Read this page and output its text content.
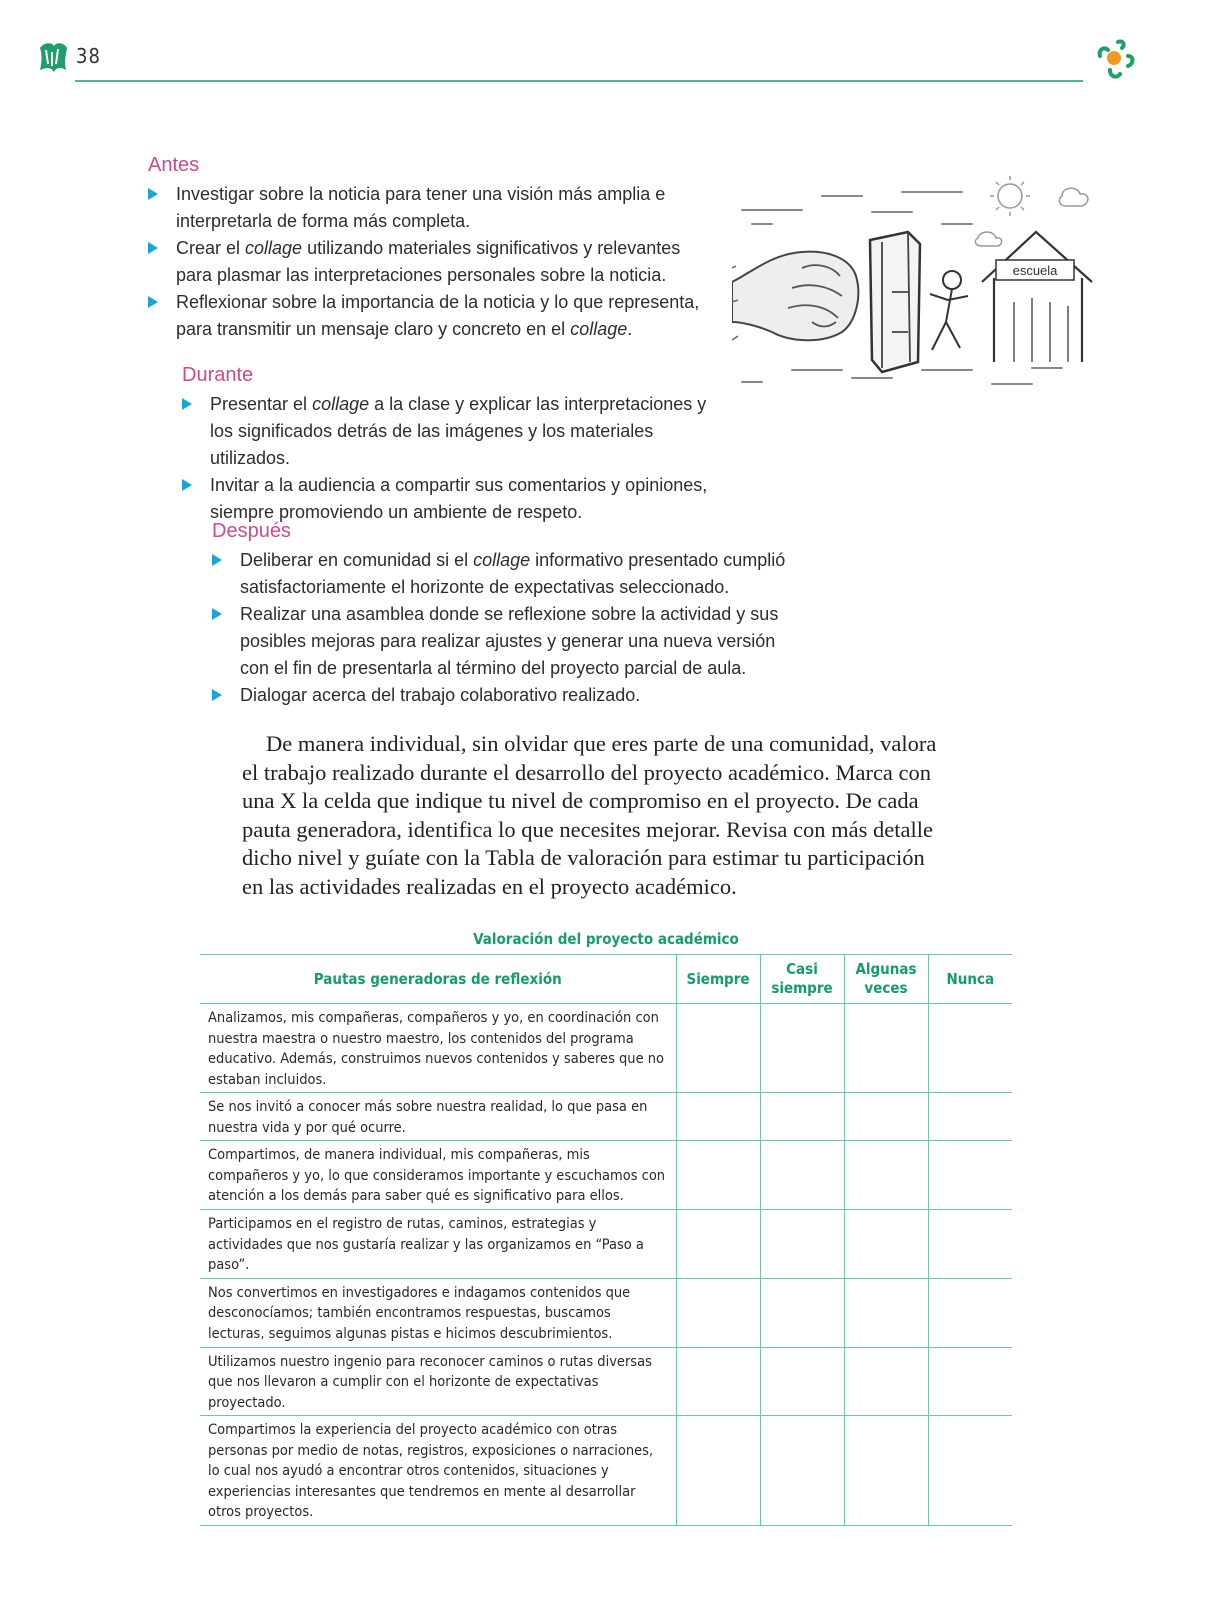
38
Antes
Investigar sobre la noticia para tener una visión más amplia e interpretarla de forma más completa.
Crear el collage utilizando materiales significativos y relevantes para plasmar las interpretaciones personales sobre la noticia.
Reflexionar sobre la importancia de la noticia y lo que representa, para transmitir un mensaje claro y concreto en el collage.
escuela
Durante
Presentar el collage a la clase y explicar las interpretaciones y los significados detrás de las imágenes y los materiales utilizados.
Invitar a la audiencia a compartir sus comentarios y opiniones, siempre promoviendo un ambiente de respeto.
Después
Deliberar en comunidad si el collage informativo presentado cumplió satisfactoriamente el horizonte de expectativas seleccionado.
Realizar una asamblea donde se reflexione sobre la actividad y sus posibles mejoras para realizar ajustes y generar una nueva versión con el fin de presentarla al término del proyecto parcial de aula.
Dialogar acerca del trabajo colaborativo realizado.
De manera individual, sin olvidar que eres parte de una comunidad, valora el trabajo realizado durante el desarrollo del proyecto académico. Marca con una X la celda que indique tu nivel de compromiso en el proyecto. De cada pauta generadora, identifica lo que necesites mejorar. Revisa con más detalle dicho nivel y guíate con la Tabla de valoración para estimar tu participación en las actividades realizadas en el proyecto académico.
Valoración del proyecto académico
Pautas generadoras de reflexión	Siempre	Casi siempre	Algunas veces	Nunca
Analizamos, mis compañeras, compañeros y yo, en coordinación con nuestra maestra o nuestro maestro, los contenidos del programa educativo. Además, construimos nuevos contenidos y saberes que no estaban incluidos.				
Se nos invitó a conocer más sobre nuestra realidad, lo que pasa en nuestra vida y por qué ocurre.				
Compartimos, de manera individual, mis compañeras, mis compañeros y yo, lo que consideramos importante y escuchamos con atención a los demás para saber qué es significativo para ellos.				
Participamos en el registro de rutas, caminos, estrategias y actividades que nos gustaría realizar y las organizamos en “Paso a paso”.				
Nos convertimos en investigadores e indagamos contenidos que desconocíamos; también encontramos respuestas, buscamos lecturas, seguimos algunas pistas e hicimos descubrimientos.				
Utilizamos nuestro ingenio para reconocer caminos o rutas diversas que nos llevaron a cumplir con el horizonte de expectativas proyectado.				
Compartimos la experiencia del proyecto académico con otras personas por medio de notas, registros, exposiciones o narraciones, lo cual nos ayudó a encontrar otros contenidos, situaciones y experiencias interesantes que tendremos en mente al desarrollar otros proyectos.				
